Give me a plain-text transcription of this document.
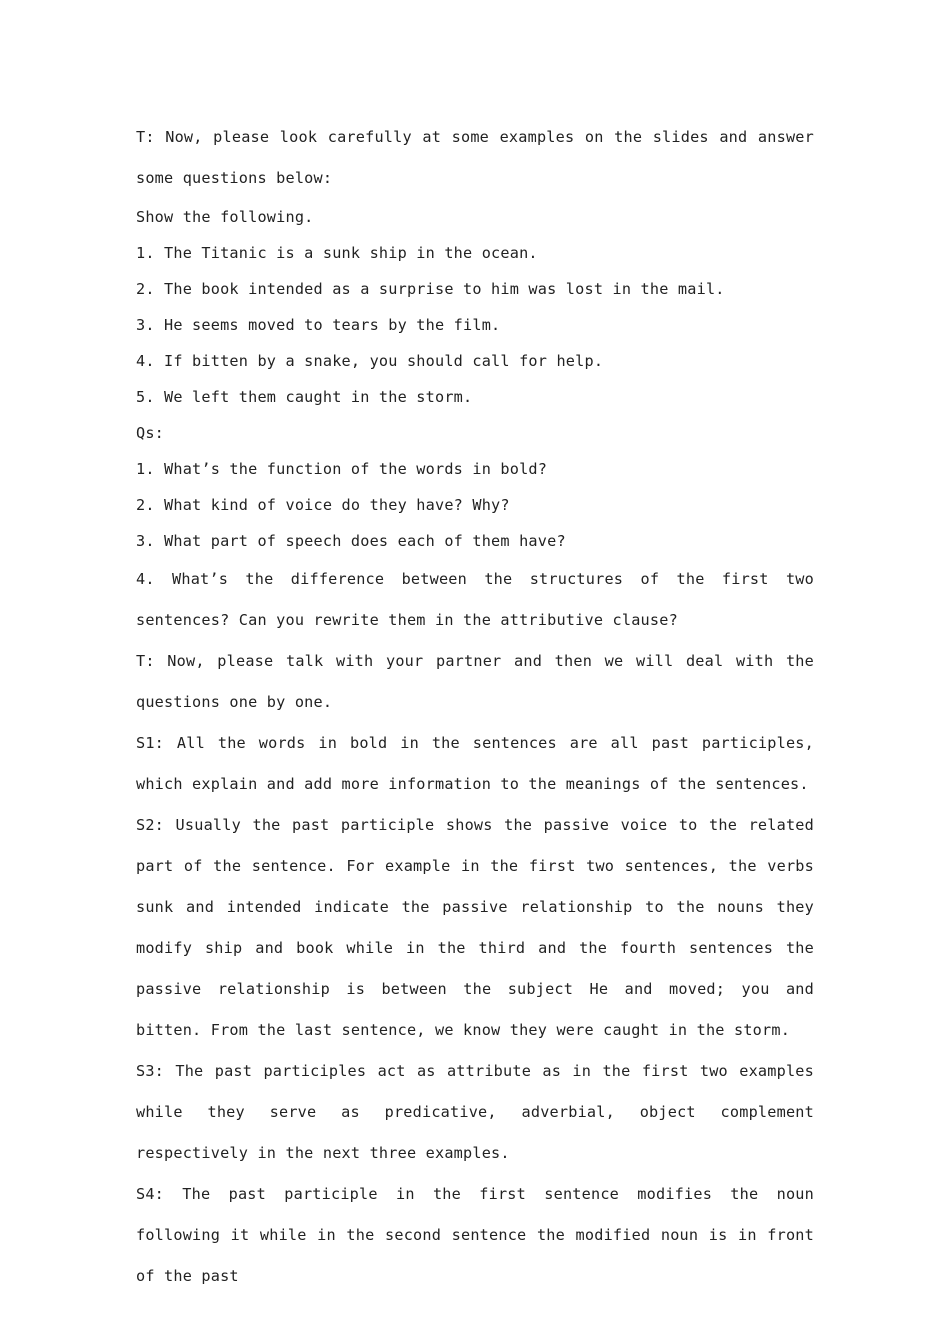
T: Now, please look carefully at some examples on the slides and answer some questions below:

Show the following.

1. The Titanic is a sunk ship in the ocean.

2. The book intended as a surprise to him was lost in the mail.

3. He seems moved to tears by the film.

4. If bitten by a snake, you should call for help.

5. We left them caught in the storm.

Qs:

1. What’s the function of the words in bold?

2. What kind of voice do they have? Why?

3. What part of speech does each of them have?

4. What’s the difference between the structures of the first two sentences? Can you rewrite them in the attributive clause?

T: Now, please talk with your partner and then we will deal with the questions one by one.

S1: All the words in bold in the sentences are all past participles, which explain and add more information to the meanings of the sentences.

S2: Usually the past participle shows the passive voice to the related part of the sentence. For example in the first two sentences, the verbs sunk and intended indicate the passive relationship to the nouns they modify ship and book while in the third and the fourth sentences the passive relationship is between the subject He and moved; you and bitten. From the last sentence, we know they were caught in the storm.

S3: The past participles act as attribute as in the first two examples while they serve as predicative, adverbial, object complement respectively in the next three examples.

S4: The past participle in the first sentence modifies the noun following it while in the second sentence the modified noun is in front of the past
